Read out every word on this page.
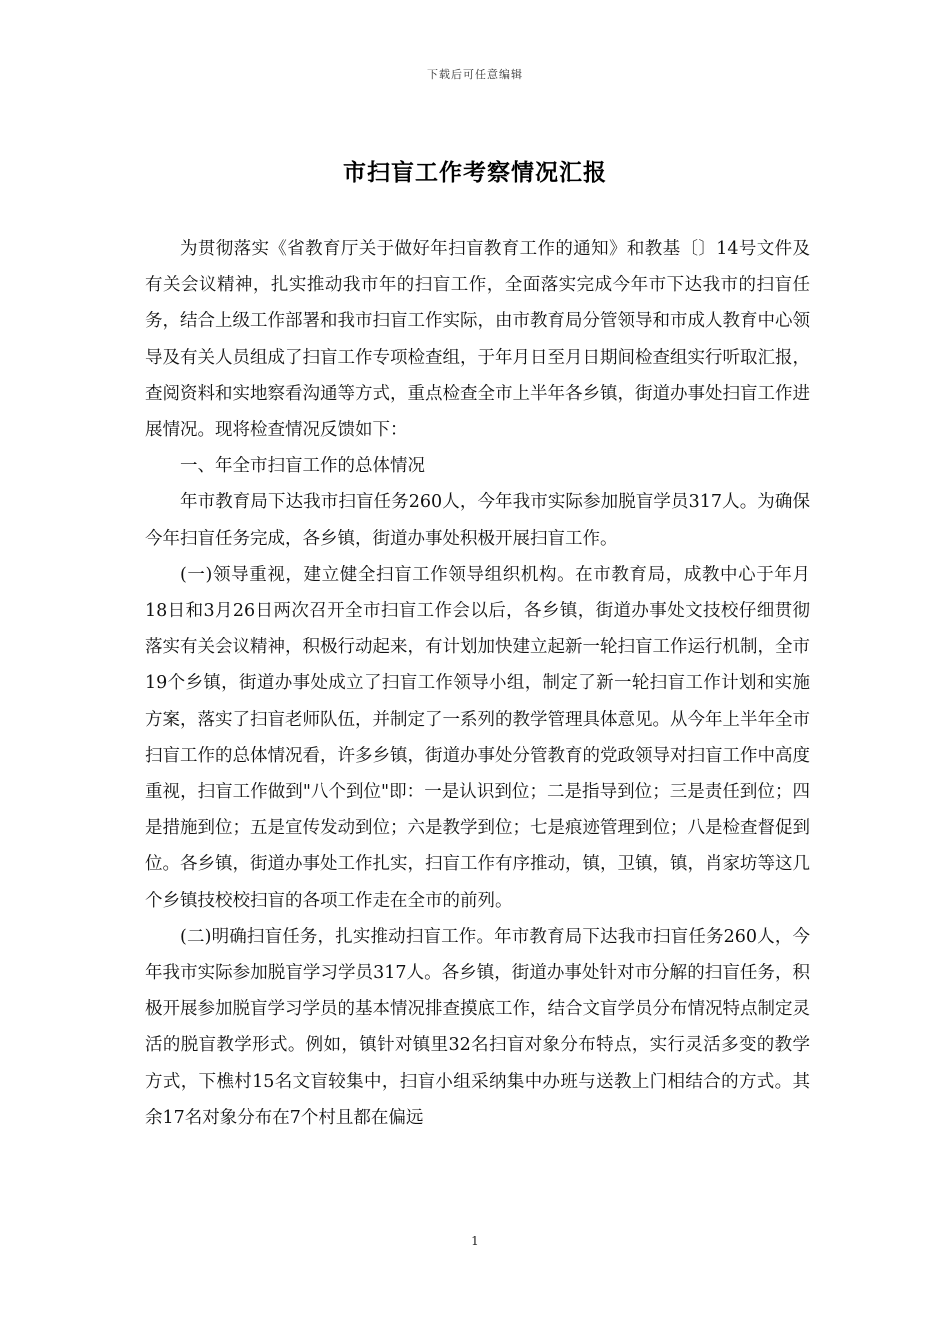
下载后可任意编辑
市扫盲工作考察情况汇报

为贯彻落实《省教育厅关于做好年扫盲教育工作的通知》和教基〔〕14号文件及有关会议精神，扎实推动我市年的扫盲工作，全面落实完成今年市下达我市的扫盲任务，结合上级工作部署和我市扫盲工作实际，由市教育局分管领导和市成人教育中心领导及有关人员组成了扫盲工作专项检查组，于年月日至月日期间检查组实行听取汇报，查阅资料和实地察看沟通等方式，重点检查全市上半年各乡镇，街道办事处扫盲工作进展情况。现将检查情况反馈如下：

一、年全市扫盲工作的总体情况

年市教育局下达我市扫盲任务260人，今年我市实际参加脱盲学员317人。为确保今年扫盲任务完成，各乡镇，街道办事处积极开展扫盲工作。

(一)领导重视，建立健全扫盲工作领导组织机构。在市教育局，成教中心于年月18日和3月26日两次召开全市扫盲工作会以后，各乡镇，街道办事处文技校仔细贯彻落实有关会议精神，积极行动起来，有计划加快建立起新一轮扫盲工作运行机制，全市19个乡镇，街道办事处成立了扫盲工作领导小组，制定了新一轮扫盲工作计划和实施方案，落实了扫盲老师队伍，并制定了一系列的教学管理具体意见。从今年上半年全市扫盲工作的总体情况看，许多乡镇，街道办事处分管教育的党政领导对扫盲工作中高度重视，扫盲工作做到"八个到位"即：一是认识到位；二是指导到位；三是责任到位；四是措施到位；五是宣传发动到位；六是教学到位；七是痕迹管理到位；八是检查督促到位。各乡镇，街道办事处工作扎实，扫盲工作有序推动，镇，卫镇，镇，肖家坊等这几个乡镇技校校扫盲的各项工作走在全市的前列。

(二)明确扫盲任务，扎实推动扫盲工作。年市教育局下达我市扫盲任务260人，今年我市实际参加脱盲学习学员317人。各乡镇，街道办事处针对市分解的扫盲任务，积极开展参加脱盲学习学员的基本情况排查摸底工作，结合文盲学员分布情况特点制定灵活的脱盲教学形式。例如，镇针对镇里32名扫盲对象分布特点，实行灵活多变的教学方式，下樵村15名文盲较集中，扫盲小组采纳集中办班与送教上门相结合的方式。其余17名对象分布在7个村且都在偏远

1
